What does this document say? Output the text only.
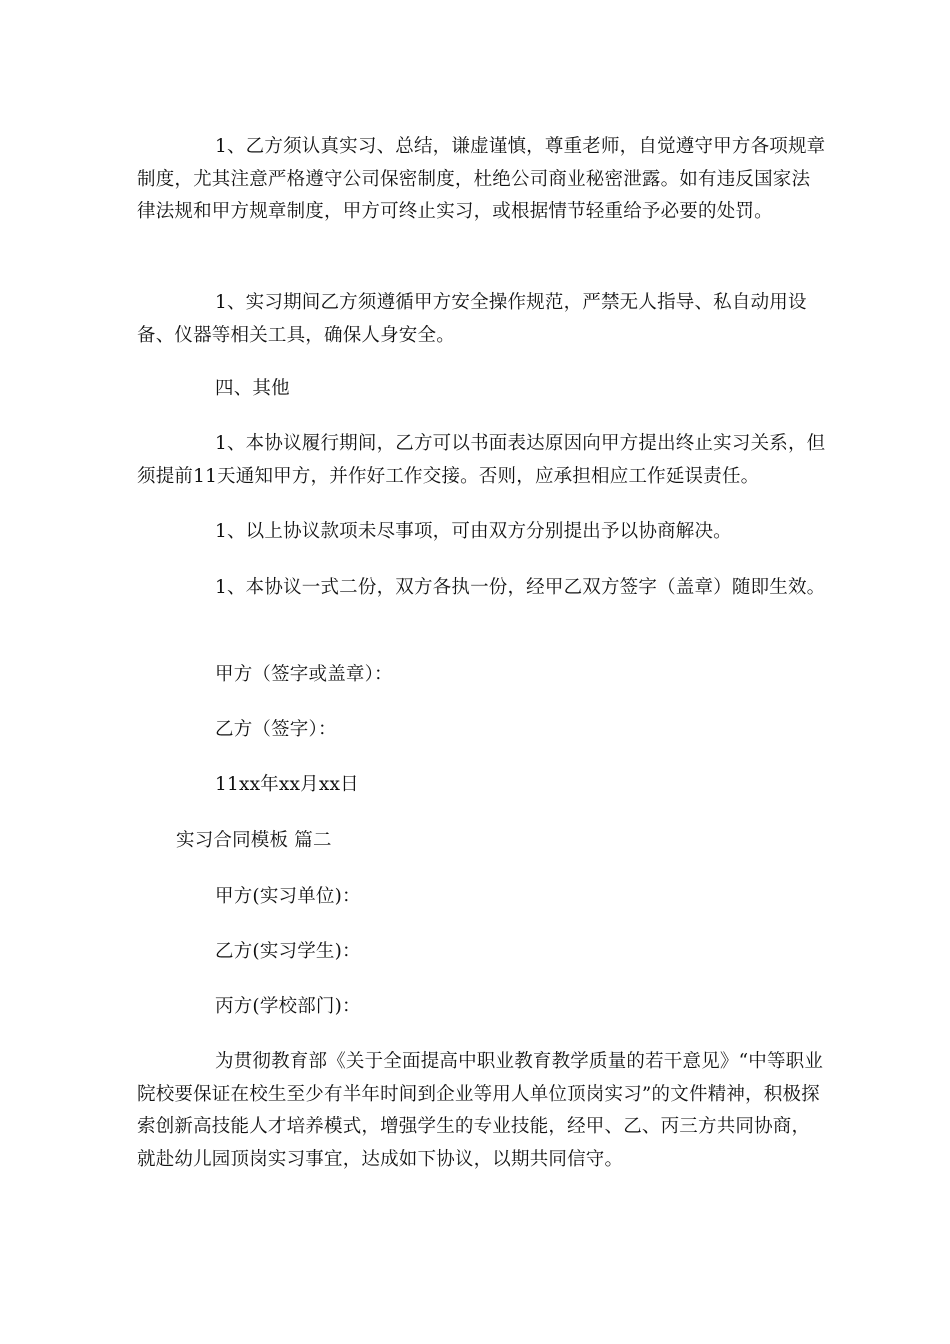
1、乙方须认真实习、总结，谦虚谨慎，尊重老师，自觉遵守甲方各项规章制度，尤其注意严格遵守公司保密制度，杜绝公司商业秘密泄露。如有违反国家法律法规和甲方规章制度，甲方可终止实习，或根据情节轻重给予必要的处罚。
1、实习期间乙方须遵循甲方安全操作规范，严禁无人指导、私自动用设备、仪器等相关工具，确保人身安全。
四、其他
1、本协议履行期间，乙方可以书面表达原因向甲方提出终止实习关系，但须提前11天通知甲方，并作好工作交接。否则，应承担相应工作延误责任。
1、以上协议款项未尽事项，可由双方分别提出予以协商解决。
1、本协议一式二份，双方各执一份，经甲乙双方签字（盖章）随即生效。
甲方（签字或盖章）：
乙方（签字）：
11xx年xx月xx日
实习合同模板 篇二
甲方(实习单位)：
乙方(实习学生)：
丙方(学校部门)：
为贯彻教育部《关于全面提高中职业教育教学质量的若干意见》“中等职业院校要保证在校生至少有半年时间到企业等用人单位顶岗实习”的文件精神，积极探索创新高技能人才培养模式，增强学生的专业技能，经甲、乙、丙三方共同协商，就赴幼儿园顶岗实习事宜，达成如下协议，以期共同信守。
